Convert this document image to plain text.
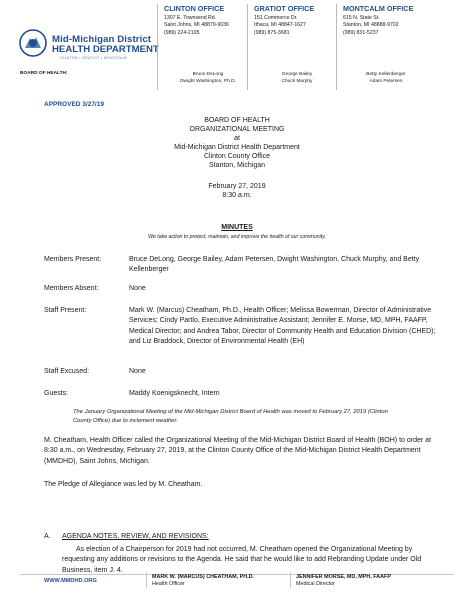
Mid-Michigan District
HEALTH DEPARTMENT
CLINTON • GRATIOT • MONTCALM
BOARD OF HEALTH:
CLINTON OFFICE
1307 E. Townsend Rd.
Saint Johns, MI 48879-9036
(989) 224-2195
Bruce DeLong
Dwight Washington, Ph.D.
GRATIOT OFFICE
151 Commerce Dr.
Ithaca, MI 48847-1627
(989) 875-3681
George Bailey
Chuck Murphy
MONTCALM OFFICE
615 N. State St.
Stanton, MI 48888-9702
(989) 831-5237
Betty Kellenberger
Adam Petersen
APPROVED 3/27/19
BOARD OF HEALTH
ORGANIZATIONAL MEETING
at
Mid-Michigan District Health Department
Clinton County Office
Stanton, Michigan
February 27, 2019
8:30 a.m.
MINUTES
We take action to protect, maintain, and improve the health of our community.
Members Present:	Bruce DeLong, George Bailey, Adam Petersen, Dwight Washington, Chuck Murphy, and Betty Kellenberger
Members Absent:	None
Staff Present:	Mark W. (Marcus) Cheatham, Ph.D., Health Officer; Melissa Bowerman, Director of Administrative Services; Cindy Partlo, Executive Administrative Assistant; Jennifer E. Morse, MD, MPH, FAAFP, Medical Director; and Andrea Tabor, Director of Community Health and Education Division (CHED); and Liz Braddock, Director of Environmental Health (EH)
Staff Excused:	None
Guests:	Maddy Koenigsknecht, Intern
The January Organizational Meeting of the Mid-Michigan District Board of Health was moved to February 27, 2019 (Clinton County Office) due to inclement weather.
M. Cheatham, Health Officer called the Organizational Meeting of the Mid-Michigan District Board of Health (BOH) to order at 8:30 a.m., on Wednesday, February 27, 2019, at the Clinton County Office of the Mid-Michigan District Health Department (MMDHD), Saint Johns, Michigan.
The Pledge of Allegiance was led by M. Cheatham.
A. AGENDA NOTES, REVIEW, AND REVISIONS:
As election of a Chairperson for 2019 had not occurred, M. Cheatham opened the Organizational Meeting by requesting any additions or revisions to the Agenda. He said that he would like to add Rebranding Update under Old Business, item J. 4.
WWW.MMDHD.ORG
MARK W. (MARCUS) CHEATHAM, PH.D.
Health Officer
JENNIFER MORSE, MD, MPH, FAAFP
Medical Director
